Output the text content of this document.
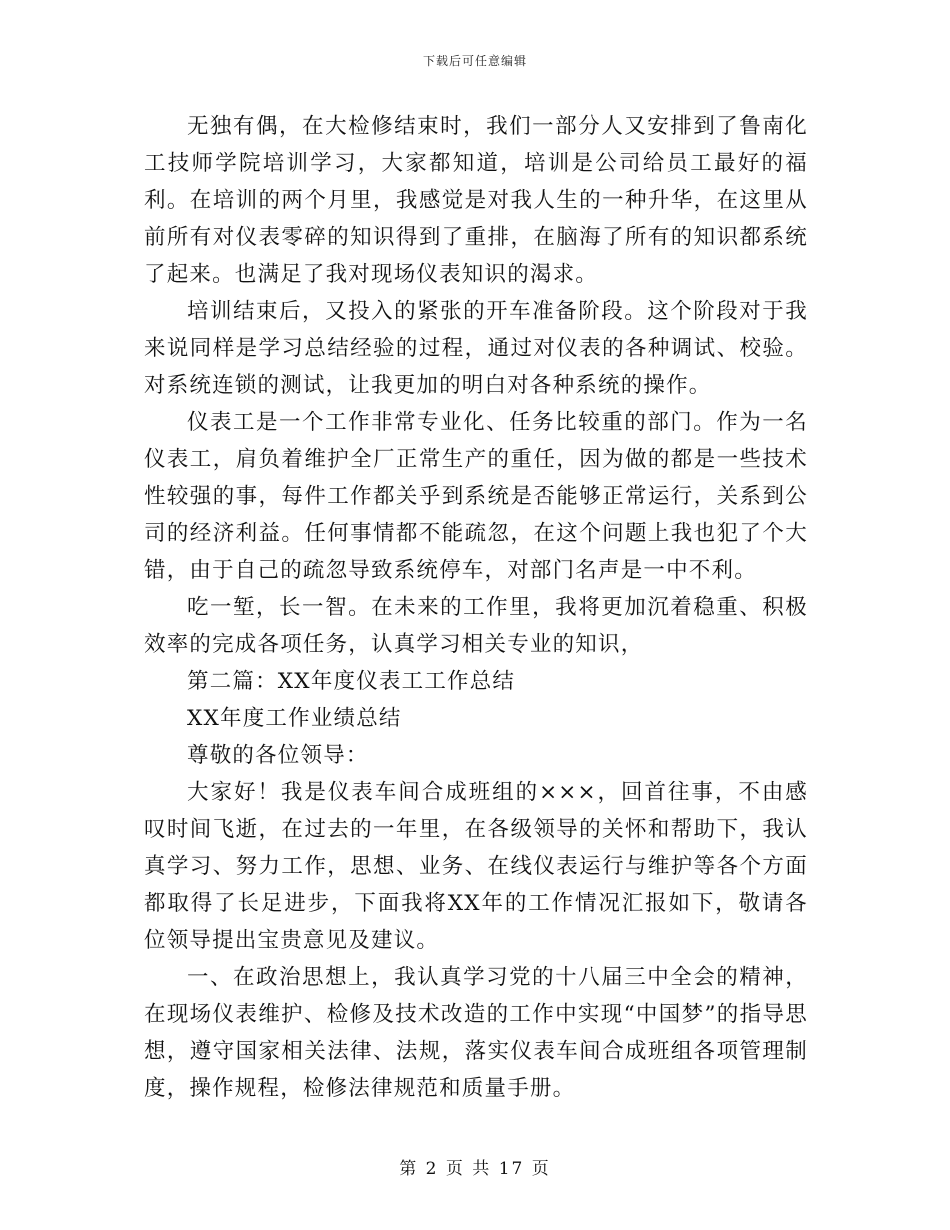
下载后可任意编辑

无独有偶，在大检修结束时，我们一部分人又安排到了鲁南化工技师学院培训学习，大家都知道，培训是公司给员工最好的福利。在培训的两个月里，我感觉是对我人生的一种升华，在这里从前所有对仪表零碎的知识得到了重排，在脑海了所有的知识都系统了起来。也满足了我对现场仪表知识的渴求。

培训结束后，又投入的紧张的开车准备阶段。这个阶段对于我来说同样是学习总结经验的过程，通过对仪表的各种调试、校验。对系统连锁的测试，让我更加的明白对各种系统的操作。

仪表工是一个工作非常专业化、任务比较重的部门。作为一名仪表工，肩负着维护全厂正常生产的重任，因为做的都是一些技术性较强的事，每件工作都关乎到系统是否能够正常运行，关系到公司的经济利益。任何事情都不能疏忽，在这个问题上我也犯了个大错，由于自己的疏忽导致系统停车，对部门名声是一中不利。

吃一堑，长一智。在未来的工作里，我将更加沉着稳重、积极效率的完成各项任务，认真学习相关专业的知识，

第二篇：XX年度仪表工工作总结

XX年度工作业绩总结

尊敬的各位领导：

大家好！我是仪表车间合成班组的×××，回首往事，不由感叹时间飞逝，在过去的一年里，在各级领导的关怀和帮助下，我认真学习、努力工作，思想、业务、在线仪表运行与维护等各个方面都取得了长足进步，下面我将XX年的工作情况汇报如下，敬请各位领导提出宝贵意见及建议。

一、在政治思想上，我认真学习党的十八届三中全会的精神，在现场仪表维护、检修及技术改造的工作中实现“中国梦”的指导思想，遵守国家相关法律、法规，落实仪表车间合成班组各项管理制度，操作规程，检修法律规范和质量手册。

第 2 页 共 17 页
